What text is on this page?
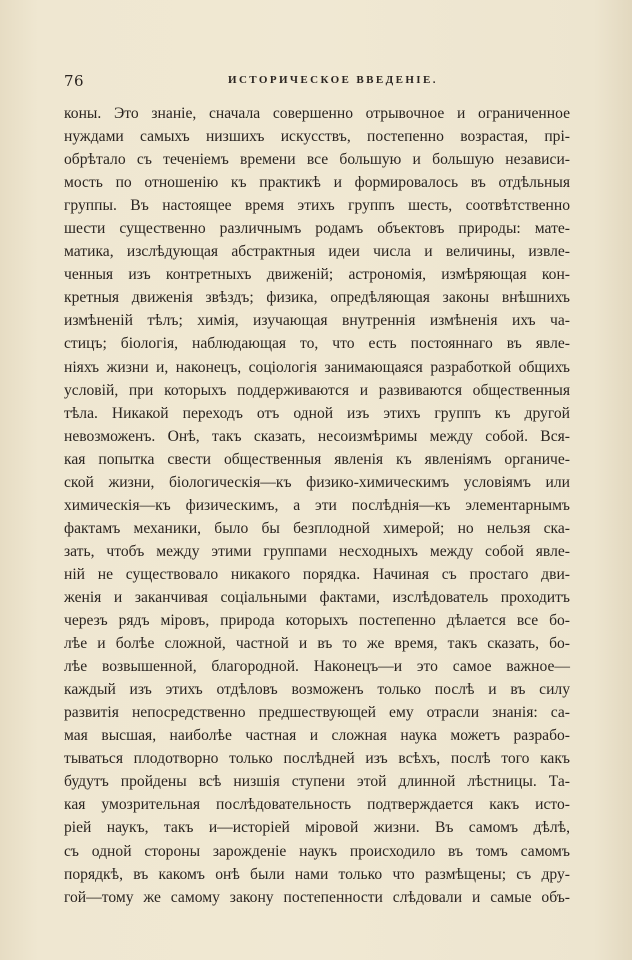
76	ИСТОРИЧЕСКОЕ ВВЕДЕНІЕ.
коны. Это знаніе, сначала совершенно отрывочное и ограниченное
нуждами самыхъ низшихъ искусствъ, постепенно возрастая, прі-
обрѣтало съ теченіемъ времени все большую и большую независи-
мость по отношенію къ практикѣ и формировалось въ отдѣльныя
группы. Въ настоящее время этихъ группъ шесть, соотвѣтственно
шести существенно различнымъ родамъ объектовъ природы: мате-
матика, изслѣдующая абстрактныя идеи числа и величины, извле-
ченныя изъ контретныхъ движеній; астрономія, измѣряющая кон-
кретныя движенія звѣздъ; физика, опредѣляющая законы внѣшнихъ
измѣненій тѣлъ; химія, изучающая внутреннія измѣненія ихъ ча-
стицъ; біологія, наблюдающая то, что есть постояннаго въ явле-
ніяхъ жизни и, наконецъ, соціологія занимающаяся разработкой общихъ
условій, при которыхъ поддерживаются и развиваются общественныя
тѣла. Никакой переходъ отъ одной изъ этихъ группъ къ другой
невозможенъ. Онѣ, такъ сказать, несоизмѣримы между собой. Вся-
кая попытка свести общественныя явленія къ явленіямъ органиче-
ской жизни, біологическія—къ физико-химическимъ условіямъ или
химическія—къ физическимъ, а эти послѣднія—къ элементарнымъ
фактамъ механики, было бы безплодной химерой; но нельзя ска-
зать, чтобъ между этими группами несходныхъ между собой явле-
ній не существовало никакого порядка. Начиная съ простаго дви-
женія и заканчивая соціальными фактами, изслѣдователь проходитъ
черезъ рядъ міровъ, природа которыхъ постепенно дѣлается все бо-
лѣе и болѣе сложной, частной и въ то же время, такъ сказать, бо-
лѣе возвышенной, благородной. Наконецъ—и это самое важное—
каждый изъ этихъ отдѣловъ возможенъ только послѣ и въ силу
развитія непосредственно предшествующей ему отрасли знанія: са-
мая высшая, наиболѣе частная и сложная наука можетъ разрабо-
тываться плодотворно только послѣдней изъ всѣхъ, послѣ того какъ
будутъ пройдены всѣ низшія ступени этой длинной лѣстницы. Та-
кая умозрительная послѣдовательность подтверждается какъ исто-
ріей наукъ, такъ и—исторіей міровой жизни. Въ самомъ дѣлѣ,
съ одной стороны зарожденіе наукъ происходило въ томъ самомъ
порядкѣ, въ какомъ онѣ были нами только что размѣщены; съ дру-
гой—тому же самому закону постепенности слѣдовали и самые объ-
